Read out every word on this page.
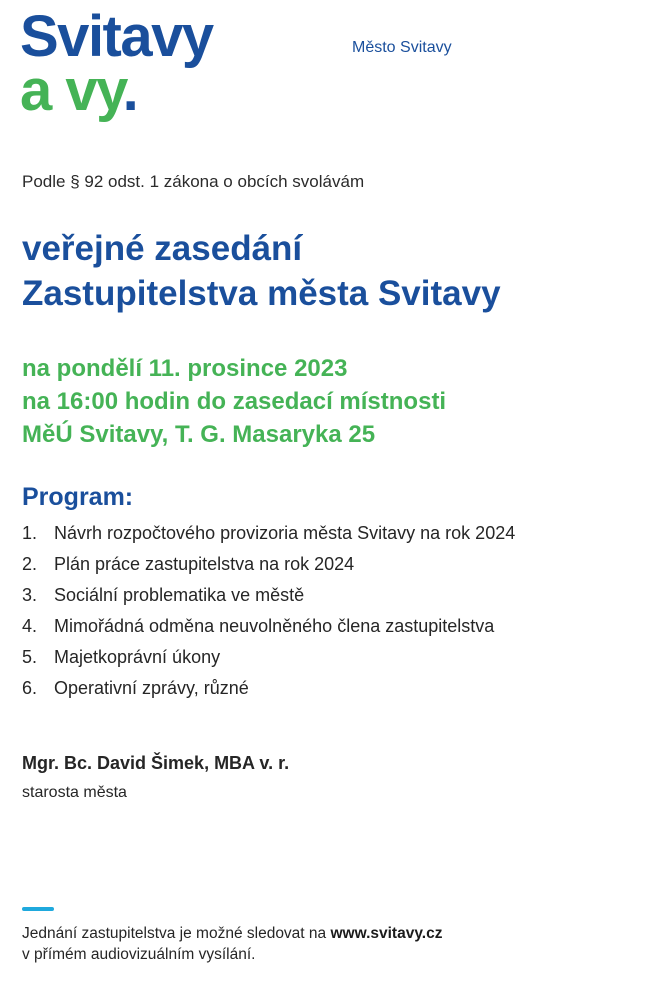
Svitavy
a vy.
Město Svitavy
Podle § 92 odst. 1 zákona o obcích svolávám
veřejné zasedání
Zastupitelstva města Svitavy
na pondělí 11. prosince 2023
na 16:00 hodin do zasedací místnosti
MěÚ Svitavy, T. G. Masaryka 25
Program:
1. Návrh rozpočtového provizoria města Svitavy na rok 2024
2. Plán práce zastupitelstva na rok 2024
3. Sociální problematika ve městě
4. Mimořádná odměna neuvolněného člena zastupitelstva
5. Majetkoprávní úkony
6. Operativní zprávy, různé
Mgr. Bc. David Šimek, MBA v. r.
starosta města
Jednání zastupitelstva je možné sledovat na www.svitavy.cz
v přímém audiovizuálním vysílání.
